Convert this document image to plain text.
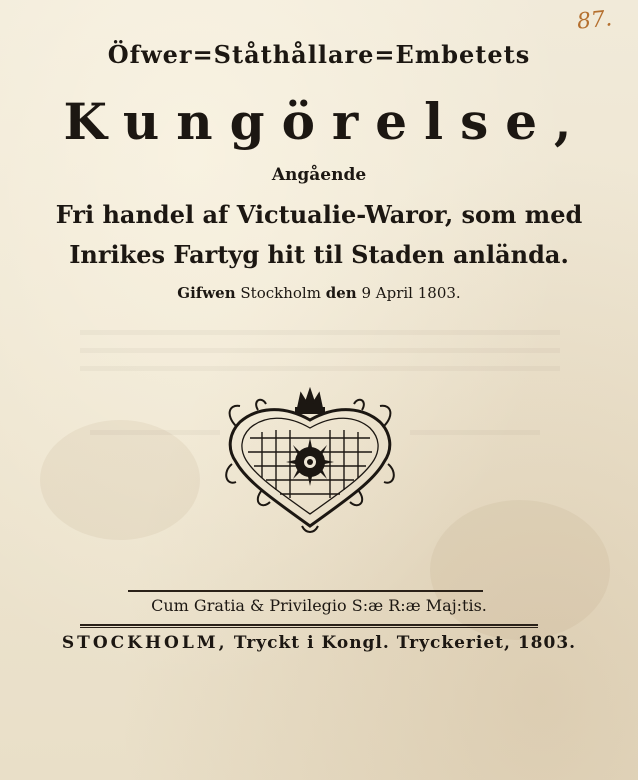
87.
Öfwer=Ståthållare=Embetets
Kungörelse,
Angående
Fri handel af Victualie-Waror, som med
Inrikes Fartyg hit til Staden anlända.
Gifwen Stockholm den 9 April 1803.
Cum Gratia & Privilegio S:æ R:æ Maj:tis.
STOCKHOLM, Tryckt i Kongl. Tryckeriet, 1803.
